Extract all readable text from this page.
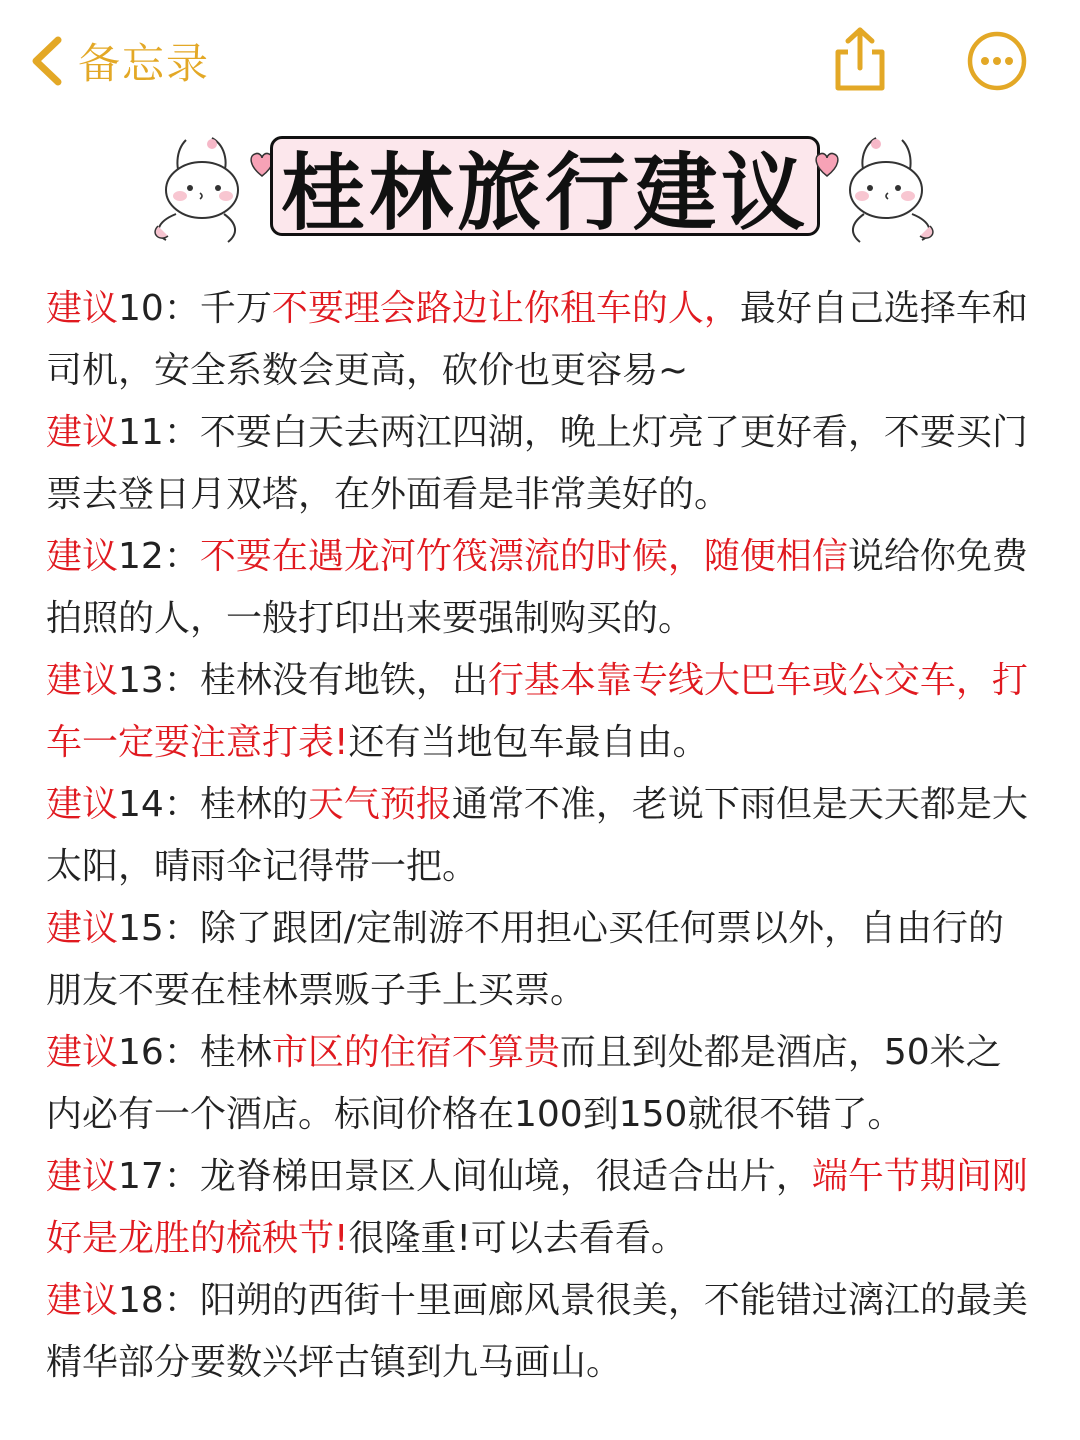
备忘录
桂林旅行建议

建议10：千万不要理会路边让你租车的人，最好自己选择车和司机，安全系数会更高，砍价也更容易~

建议11：不要白天去两江四湖，晚上灯亮了更好看，不要买门票去登日月双塔，在外面看是非常美好的。

建议12：不要在遇龙河竹筏漂流的时候，随便相信说给你免费拍照的人，一般打印出来要强制购买的。

建议13：桂林没有地铁，出行基本靠专线大巴车或公交车，打车一定要注意打表!还有当地包车最自由。

建议14：桂林的天气预报通常不准，老说下雨但是天天都是大太阳，晴雨伞记得带一把。

建议15：除了跟团/定制游不用担心买任何票以外，自由行的朋友不要在桂林票贩子手上买票。

建议16：桂林市区的住宿不算贵而且到处都是酒店，50米之内必有一个酒店。标间价格在100到150就很不错了。

建议17：龙脊梯田景区人间仙境，很适合出片，端午节期间刚好是龙胜的梳秧节!很隆重!可以去看看。

建议18：阳朔的西街十里画廊风景很美，不能错过漓江的最美精华部分要数兴坪古镇到九马画山。
